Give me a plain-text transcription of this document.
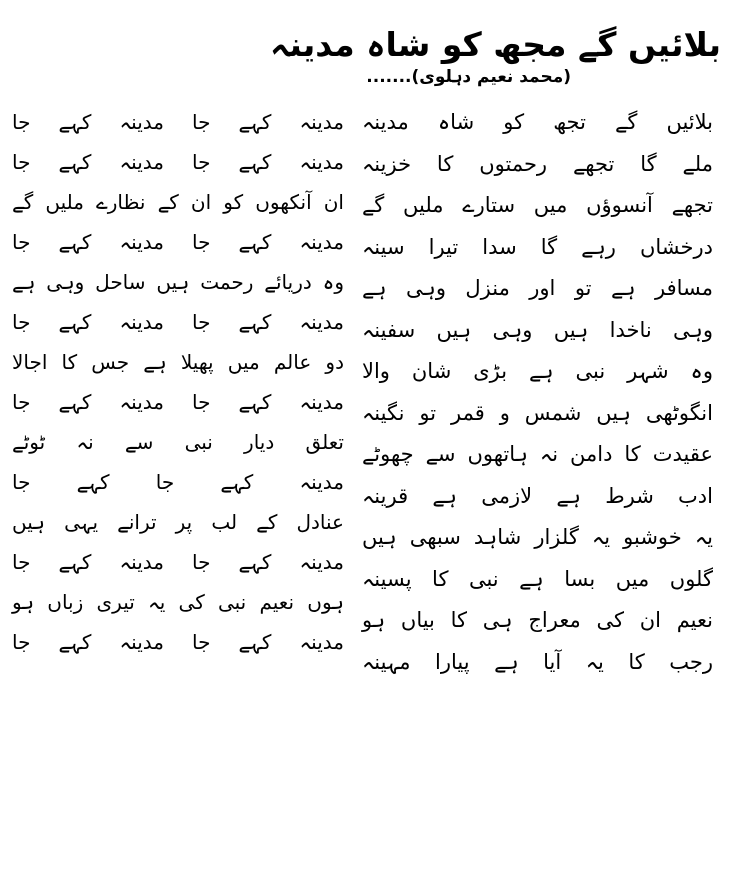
بلائیں گے مجھ کو شاہ مدینہ
(محمد نعیم دہلوی).......

مدینہ کہے جا مدینہ کہے جا

مدینہ کہے جا مدینہ کہے جا

ان آنکھوں کو ان کے نظارے ملیں گے

مدینہ کہے جا مدینہ کہے جا

وہ دریائے رحمت ہیں ساحل وہی ہے

مدینہ کہے جا مدینہ کہے جا

دو عالم میں پھیلا ہے جس کا اجالا

مدینہ کہے جا مدینہ کہے جا

تعلق دیار نبی سے نہ ٹوٹے

مدینہ کہے جا کہے جا

عنادل کے لب پر ترانے یہی ہیں

مدینہ کہے جا مدینہ کہے جا

ہوں نعیم نبی کی یہ تیری زباں ہو

مدینہ کہے جا مدینہ کہے جا

بلائیں گے تجھ کو شاہ مدینہ

ملے گا تجھے رحمتوں کا خزینہ

تجھے آنسوؤں میں ستارے ملیں گے

درخشاں رہے گا سدا تیرا سینہ

مسافر ہے تو اور منزل وہی ہے

وہی ناخدا ہیں وہی ہیں سفینہ

وہ شہر نبی ہے بڑی شان والا

انگوٹھی ہیں شمس و قمر تو نگینہ

عقیدت کا دامن نہ ہاتھوں سے چھوٹے

ادب شرط ہے لازمی ہے قرینہ

یہ خوشبو یہ گلزار شاہد سبھی ہیں

گلوں میں بسا ہے نبی کا پسینہ

نعیم ان کی معراج ہی کا بیاں ہو

رجب کا یہ آیا ہے پیارا مہینہ
